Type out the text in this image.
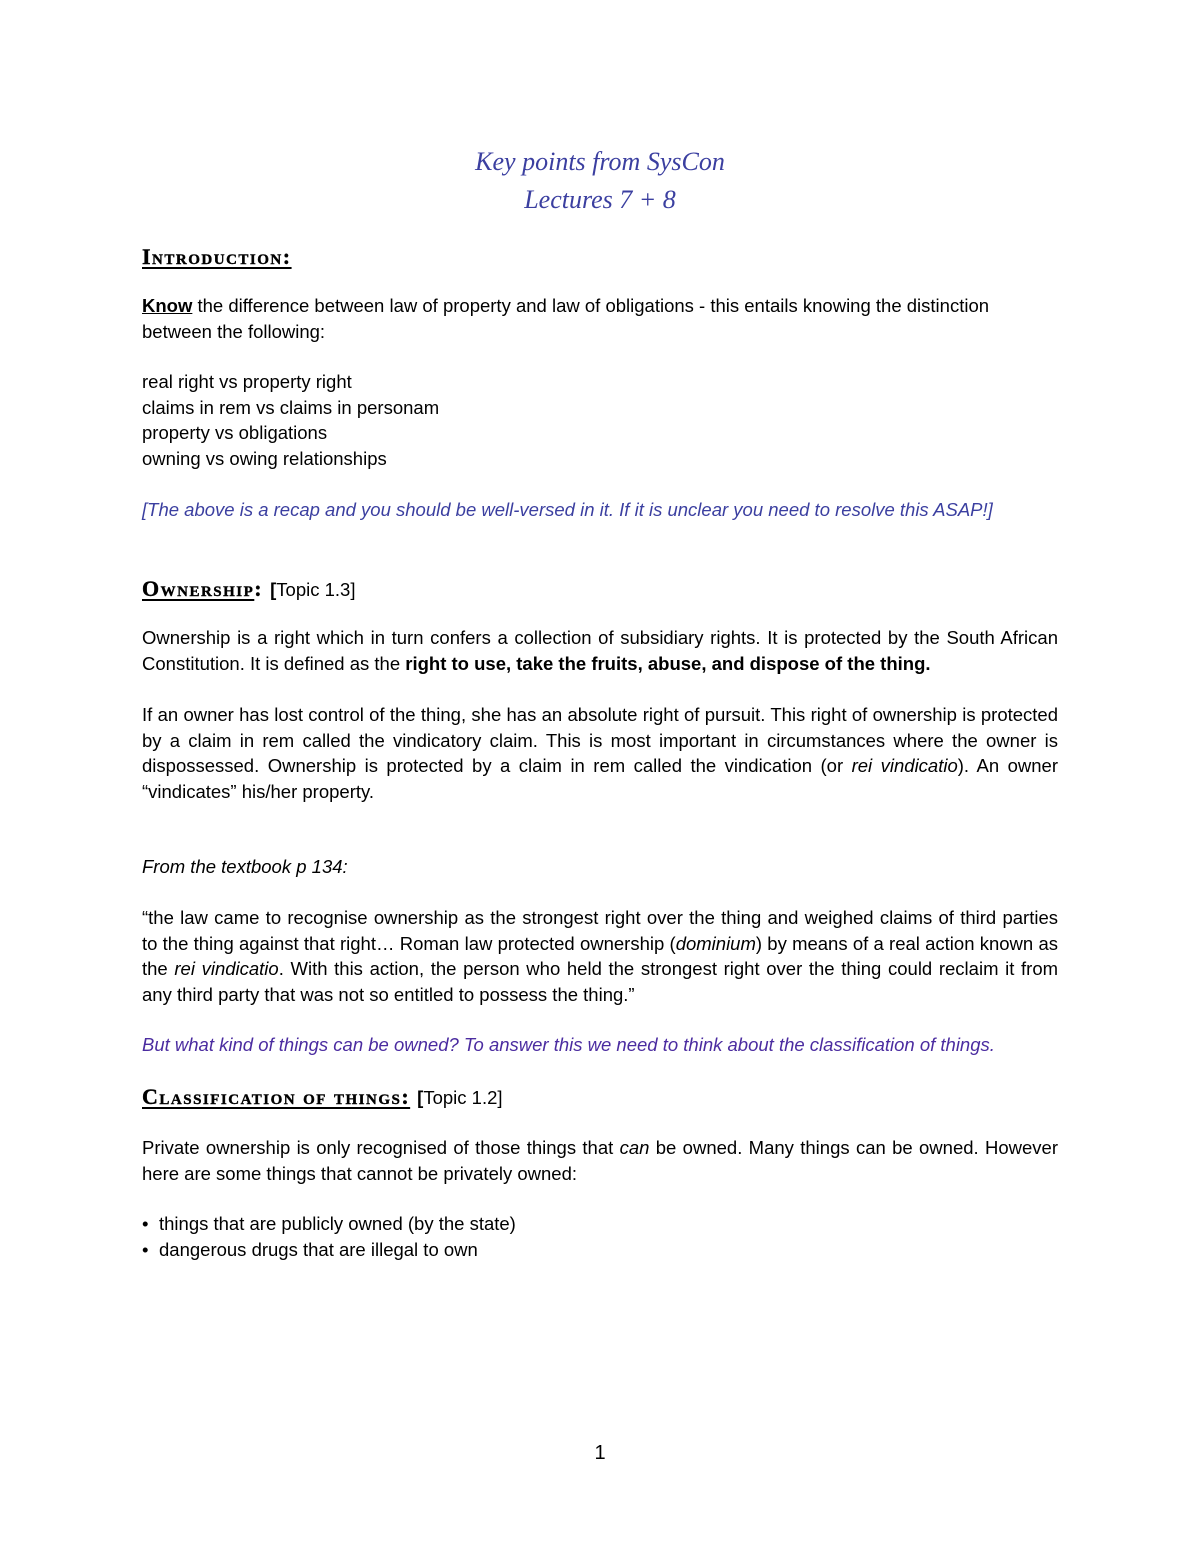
Key points from SysCon
Lectures 7 + 8
Introduction:

Know the difference between law of property and law of obligations - this entails knowing the distinction between the following:

real right vs property right
claims in rem vs claims in personam
property vs obligations
owning vs owing relationships

[The above is a recap and you should be well-versed in it. If it is unclear you need to resolve this ASAP!]

Ownership: [Topic 1.3]

Ownership is a right which in turn confers a collection of subsidiary rights. It is protected by the South African Constitution. It is defined as the right to use, take the fruits, abuse, and dispose of the thing.

If an owner has lost control of the thing, she has an absolute right of pursuit. This right of ownership is protected by a claim in rem called the vindicatory claim. This is most important in circumstances where the owner is dispossessed. Ownership is protected by a claim in rem called the vindication (or rei vindicatio). An owner “vindicates” his/her property.

From the textbook p 134:

“the law came to recognise ownership as the strongest right over the thing and weighed claims of third parties to the thing against that right… Roman law protected ownership (dominium) by means of a real action known as the rei vindicatio. With this action, the person who held the strongest right over the thing could reclaim it from any third party that was not so entitled to possess the thing.”

But what kind of things can be owned? To answer this we need to think about the classification of things.

Classification of things: [Topic 1.2]

Private ownership is only recognised of those things that can be owned. Many things can be owned. However here are some things that cannot be privately owned:

• things that are publicly owned (by the state)
• dangerous drugs that are illegal to own
1
